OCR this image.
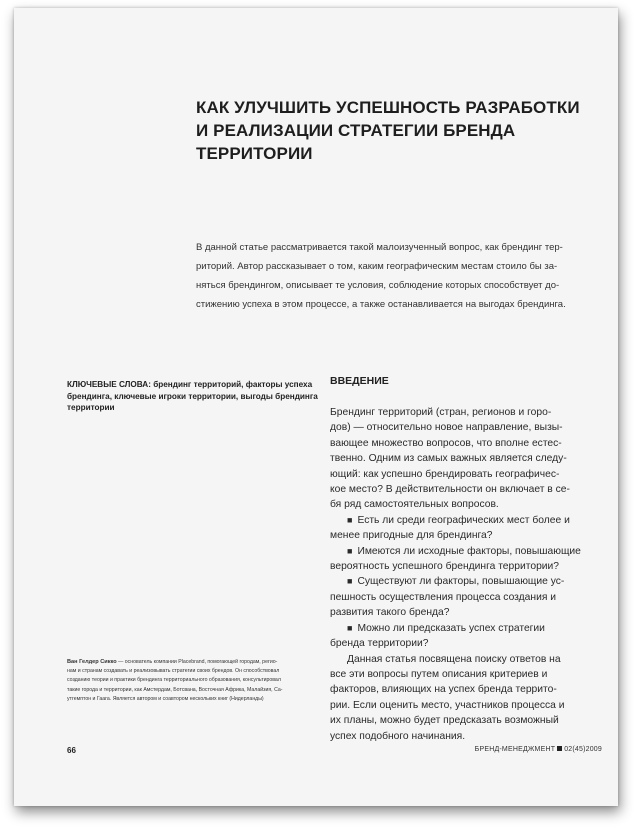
КАК УЛУЧШИТЬ УСПЕШНОСТЬ РАЗРАБОТКИ
И РЕАЛИЗАЦИИ СТРАТЕГИИ БРЕНДА
ТЕРРИТОРИИ
В данной статье рассматривается такой малоизученный вопрос, как брендинг тер-
риторий. Автор рассказывает о том, каким географическим местам стоило бы за-
няться брендингом, описывает те условия, соблюдение которых способствует до-
стижению успеха в этом процессе, а также останавливается на выгодах брендинга.
КЛЮЧЕВЫЕ СЛОВА: брендинг территорий, факторы успеха
брендинга, ключевые игроки территории, выгоды брендинга
территории
ВВЕДЕНИЕ
Брендинг территорий (стран, регионов и горо-
дов) — относительно новое направление, вызы-
вающее множество вопросов, что вполне естес-
твенно. Одним из самых важных является следу-
ющий: как успешно брендировать географичес-
кое место? В действительности он включает в се-
бя ряд самостоятельных вопросов.
■ Есть ли среди географических мест более и
менее пригодные для брендинга?
■ Имеются ли исходные факторы, повышающие
вероятность успешного брендинга территории?
■ Существуют ли факторы, повышающие ус-
пешность осуществления процесса создания и
развития такого бренда?
■ Можно ли предсказать успех стратегии
бренда территории?
Данная статья посвящена поиску ответов на
все эти вопросы путем описания критериев и
факторов, влияющих на успех бренда террито-
рии. Если оценить место, участников процесса и
их планы, можно будет предсказать возможный
успех подобного начинания.
Ван Гелдер Сикко — основатель компании Placebrand, помогающей городам, регио-
нам и странам создавать и реализовывать стратегии своих брендов. Он способствовал
созданию теории и практики брендинга территориального образования, консультировал
такие города и территории, как Амстердам, Ботсвана, Восточная Африка, Малайзия, Са-
утгемптон и Гаага. Является автором и соавтором нескольких книг (Нидерланды)
66	БРЕНД-МЕНЕДЖМЕНТ 02(45)2009
